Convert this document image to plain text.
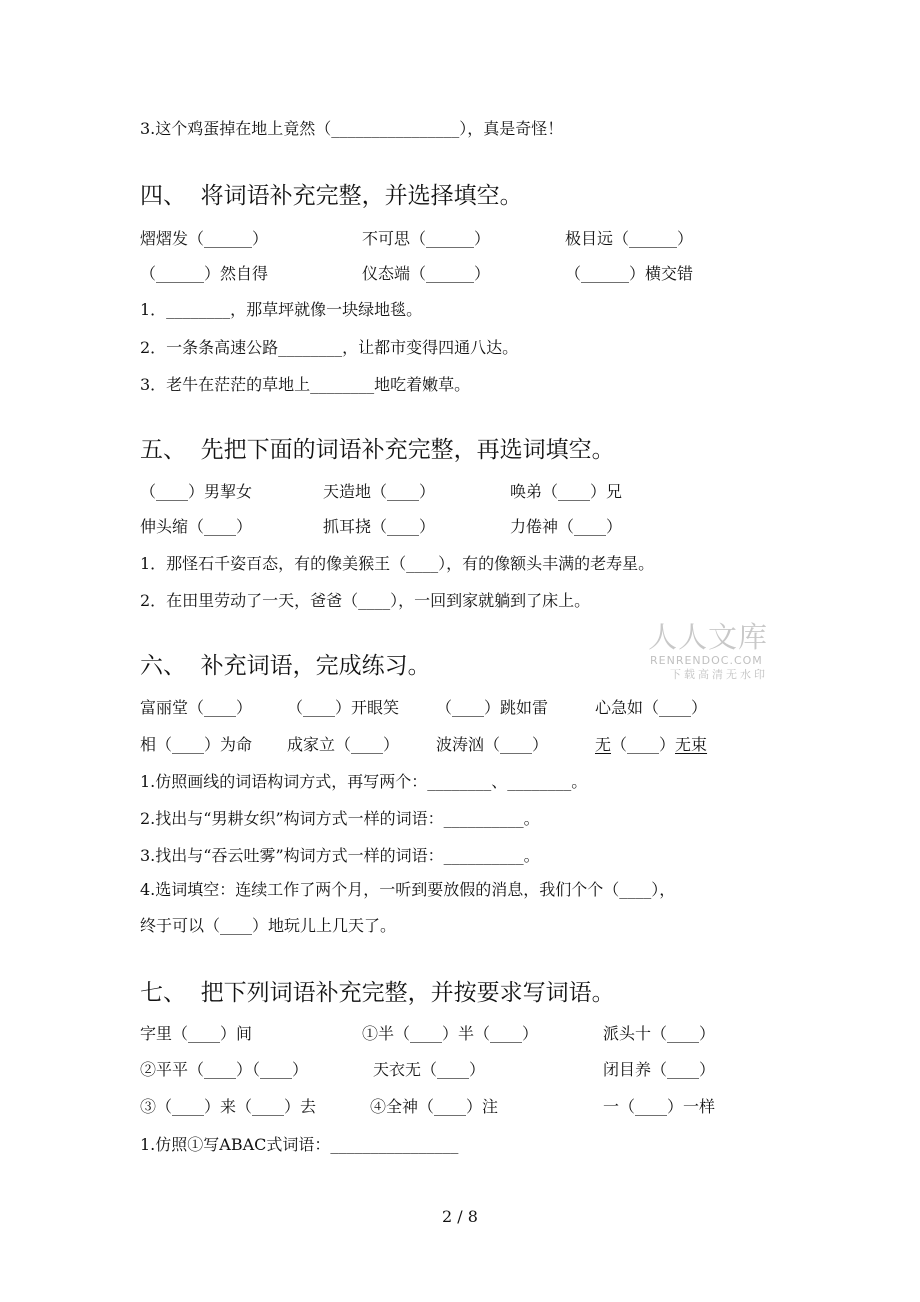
3.这个鸡蛋掉在地上竟然（________________），真是奇怪！
四、  将词语补充完整，并选择填空。
熠熠发（______）	不可思（______）	极目远（______）
（______）然自得	仪态端（______）	（______）横交错
1．________，那草坪就像一块绿地毯。
2．一条条高速公路________，让都市变得四通八达。
3．老牛在茫茫的草地上________地吃着嫩草。
五、  先把下面的词语补充完整，再选词填空。
（____）男挈女	天造地（____）	唤弟（____）兄
伸头缩（____）	抓耳挠（____）	力倦神（____）
1．那怪石千姿百态，有的像美猴王（____），有的像额头丰满的老寿星。
2．在田里劳动了一天，爸爸（____），一回到家就躺到了床上。
人人文库
RENRENDOC.COM
下载高清无水印
六、  补充词语，完成练习。
富丽堂（____） （____）开眼笑 （____）跳如雷	心急如（____）
相（____）为命 成家立（____） 波涛汹（____）	无（____）无束
1.仿照画线的词语构词方式，再写两个：________、________。
2.找出与“男耕女织”构词方式一样的词语：__________。
3.找出与“吞云吐雾”构词方式一样的词语：__________。
4.选词填空：连续工作了两个月，一听到要放假的消息，我们个个（____），
终于可以（____）地玩儿上几天了。
七、  把下列词语补充完整，并按要求写词语。
字里（____）间	①半（____）半（____）	派头十（____）
②平平（____）（____）	天衣无（____）	闭目养（____）
③（____）来（____）去	④全神（____）注	一（____）一样
1.仿照①写ABAC式词语：________________
2 / 8
